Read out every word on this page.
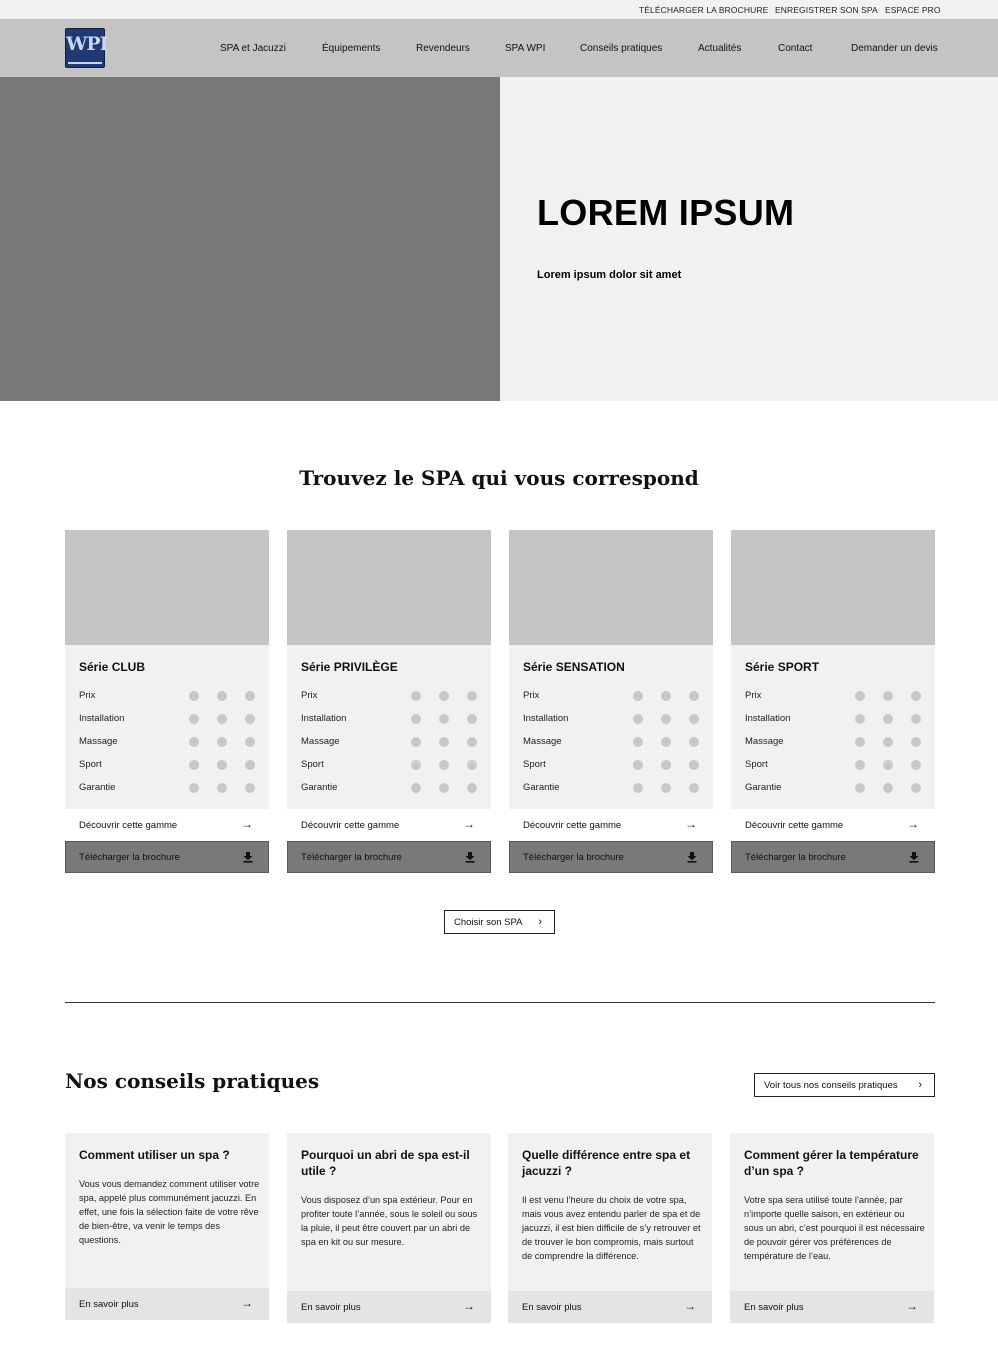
TÉLÉCHARGER LA BROCHURE ENREGISTRER SON SPA ESPACE PRO
WPI	SPA et Jacuzzi	Équipements	Revendeurs	SPA WPI	Conseils pratiques	Actualités	Contact	Demander un devis
LOREM IPSUM
Lorem ipsum dolor sit amet
Trouvez le SPA qui vous correspond
Série CLUB
Prix
Installation
Massage
Sport
Garantie
Découvrir cette gamme	→
Télécharger la brochure
Série PRIVILÈGE
Prix
Installation
Massage
Sport
Garantie
Découvrir cette gamme	→
Télécharger la brochure
Série SENSATION
Prix
Installation
Massage
Sport
Garantie
Découvrir cette gamme	→
Télécharger la brochure
Série SPORT
Prix
Installation
Massage
Sport
Garantie
Découvrir cette gamme	→
Télécharger la brochure
Choisir son SPA ›
Nos conseils pratiques	Voir tous nos conseils pratiques ›
Comment utiliser un spa ?
Vous vous demandez comment utiliser votre spa, appelé plus communément jacuzzi. En effet, une fois la sélection faite de votre rêve de bien-être, va venir le temps des questions.
En savoir plus	→
Pourquoi un abri de spa est-il utile ?
Vous disposez d’un spa extérieur. Pour en profiter toute l’année, sous le soleil ou sous la pluie, il peut être couvert par un abri de spa en kit ou sur mesure.
En savoir plus	→
Quelle différence entre spa et jacuzzi ?
Il est venu l’heure du choix de votre spa, mais vous avez entendu parler de spa et de jacuzzi, il est bien difficile de s’y retrouver et de trouver le bon compromis, mais surtout de comprendre la différence.
En savoir plus	→
Comment gérer la température d’un spa ?
Votre spa sera utilisé toute l’année, par n’importe quelle saison, en extérieur ou sous un abri, c’est pourquoi il est nécessaire de pouvoir gérer vos préférences de température de l’eau.
En savoir plus	→
